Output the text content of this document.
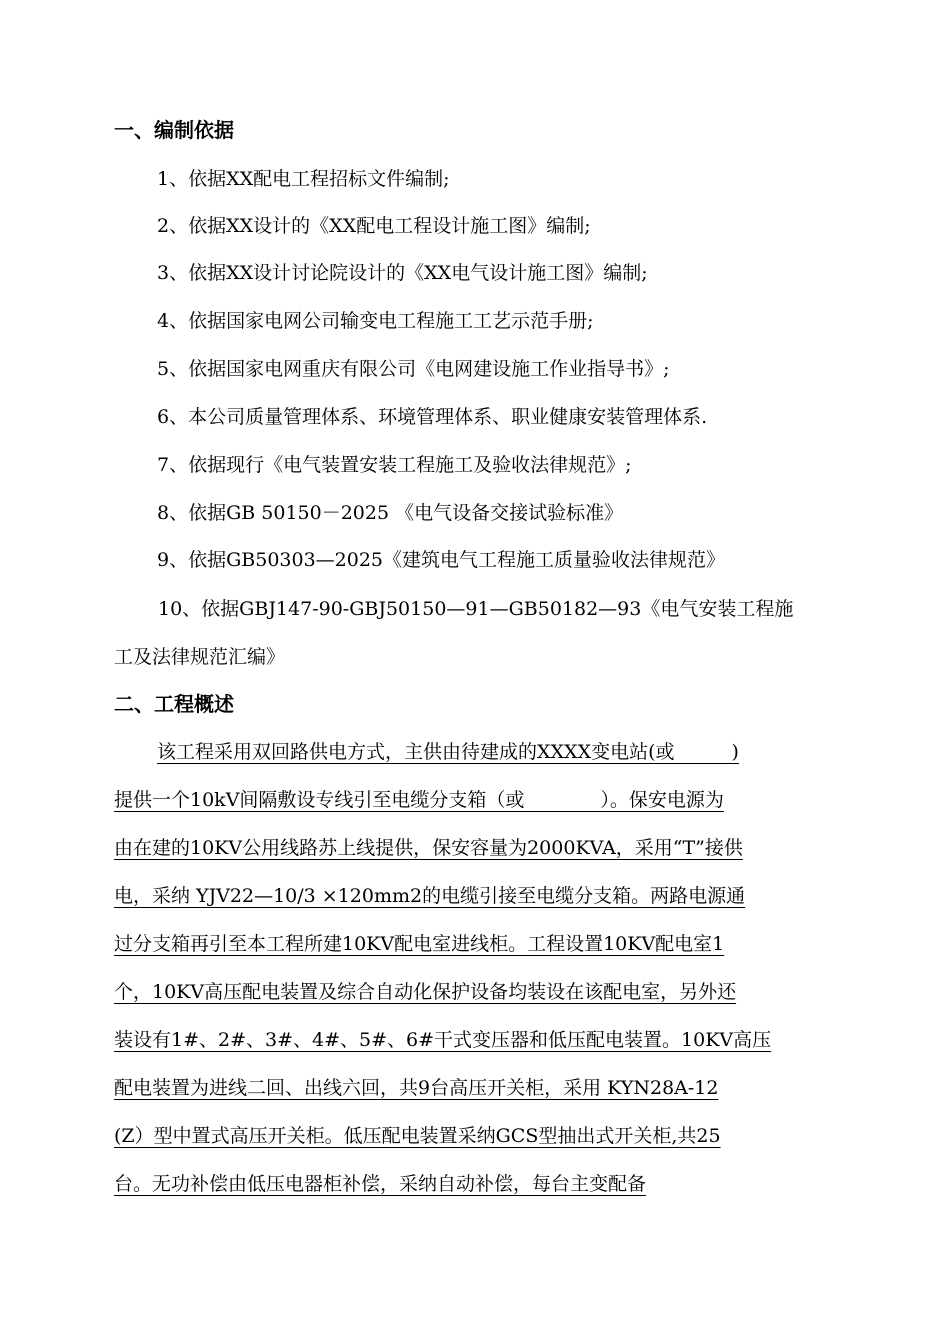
一、编制依据
1、依据XX配电工程招标文件编制;
2、依据XX设计的《XX配电工程设计施工图》编制;
3、依据XX设计讨论院设计的《XX电气设计施工图》编制;
4、依据国家电网公司输变电工程施工工艺示范手册;
5、依据国家电网重庆有限公司《电网建设施工作业指导书》;
6、本公司质量管理体系、环境管理体系、职业健康安装管理体系.
7、依据现行《电气装置安装工程施工及验收法律规范》;
8、依据GB 50150－2025 《电气设备交接试验标准》
9、依据GB50303—2025《建筑电气工程施工质量验收法律规范》
10、依据GBJ147-90-GBJ50150—91—GB50182—93《电气安装工程施
工及法律规范汇编》
二、工程概述
该工程采用双回路供电方式，主供由待建成的XXXX变电站(或　　　)
提供一个10kV间隔敷设专线引至电缆分支箱（或　　　　）。保安电源为
由在建的10KV公用线路苏上线提供，保安容量为2000KVA，采用“T”接供
电，采纳 YJV22—10/3 ×120mm2的电缆引接至电缆分支箱。两路电源通
过分支箱再引至本工程所建10KV配电室进线柜。工程设置10KV配电室1
个，10KV高压配电装置及综合自动化保护设备均装设在该配电室，另外还
装设有1#、2#、3#、4#、5#、6#干式变压器和低压配电装置。10KV高压
配电装置为进线二回、出线六回，共9台高压开关柜，采用 KYN28A-12
(Z）型中置式高压开关柜。低压配电装置采纳GCS型抽出式开关柜,共25
台。无功补偿由低压电器柜补偿，采纳自动补偿，每台主变配备
